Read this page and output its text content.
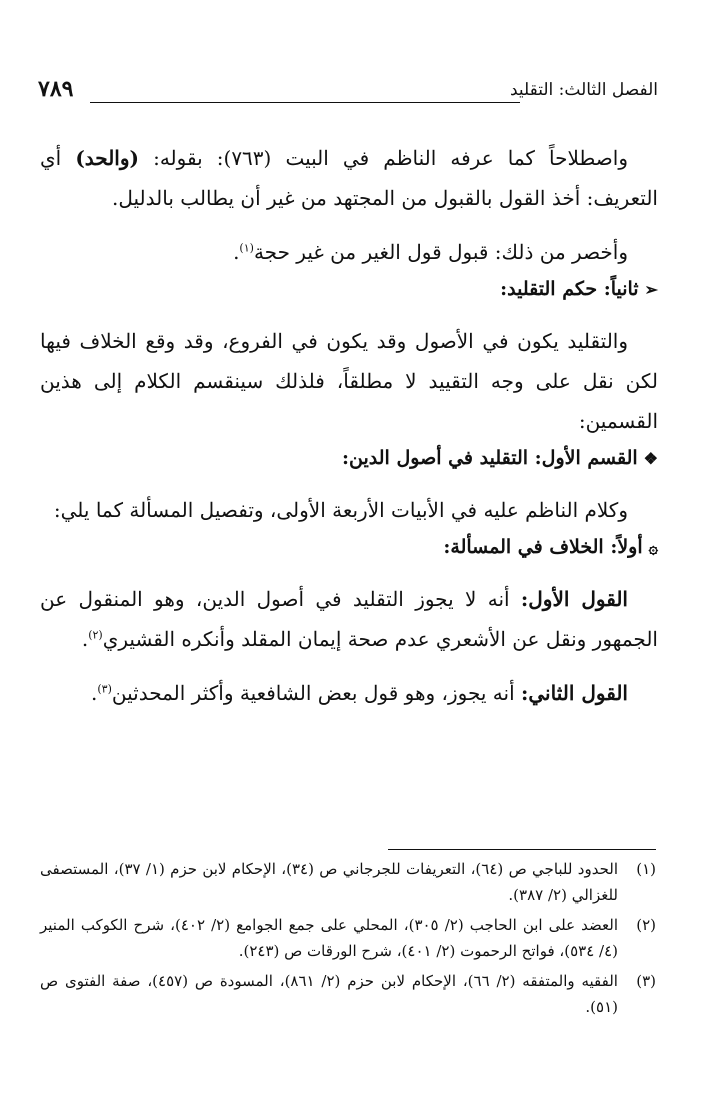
الفصل الثالث: التقليد
٧٨٩

واصطلاحاً كما عرفه الناظم في البيت (٧٦٣): بقوله: (والحد) أي التعريف: أخذ القول بالقبول من المجتهد من غير أن يطالب بالدليل.

وأخصر من ذلك: قبول قول الغير من غير حجة$^{(١)}$.

➢ثانياً: حكم التقليد:

والتقليد يكون في الأصول وقد يكون في الفروع، وقد وقع الخلاف فيها لكن نقل على وجه التقييد لا مطلقاً، فلذلك سينقسم الكلام إلى هذين القسمين:

❖القسم الأول: التقليد في أصول الدين:

وكلام الناظم عليه في الأبيات الأربعة الأولى، وتفصيل المسألة كما يلي:

۞أولاً: الخلاف في المسألة:

القول الأول: أنه لا يجوز التقليد في أصول الدين، وهو المنقول عن الجمهور ونقل عن الأشعري عدم صحة إيمان المقلد وأنكره القشيري$^{(٢)}$.

القول الثاني: أنه يجوز، وهو قول بعض الشافعية وأكثر المحدثين$^{(٣)}$.

(١)
الحدود للباجي ص (٦٤)، التعريفات للجرجاني ص (٣٤)، الإحكام لابن حزم (١/ ٣٧)، المستصفى للغزالي (٢/ ٣٨٧).
(٢)
العضد على ابن الحاجب (٢/ ٣٠٥)، المحلي على جمع الجوامع (٢/ ٤٠٢)، شرح الكوكب المنير (٤/ ٥٣٤)، فواتح الرحموت (٢/ ٤٠١)، شرح الورقات ص (٢٤٣).
(٣)
الفقيه والمتفقه (٢/ ٦٦)، الإحكام لابن حزم (٢/ ٨٦١)، المسودة ص (٤٥٧)، صفة الفتوى ص (٥١).
